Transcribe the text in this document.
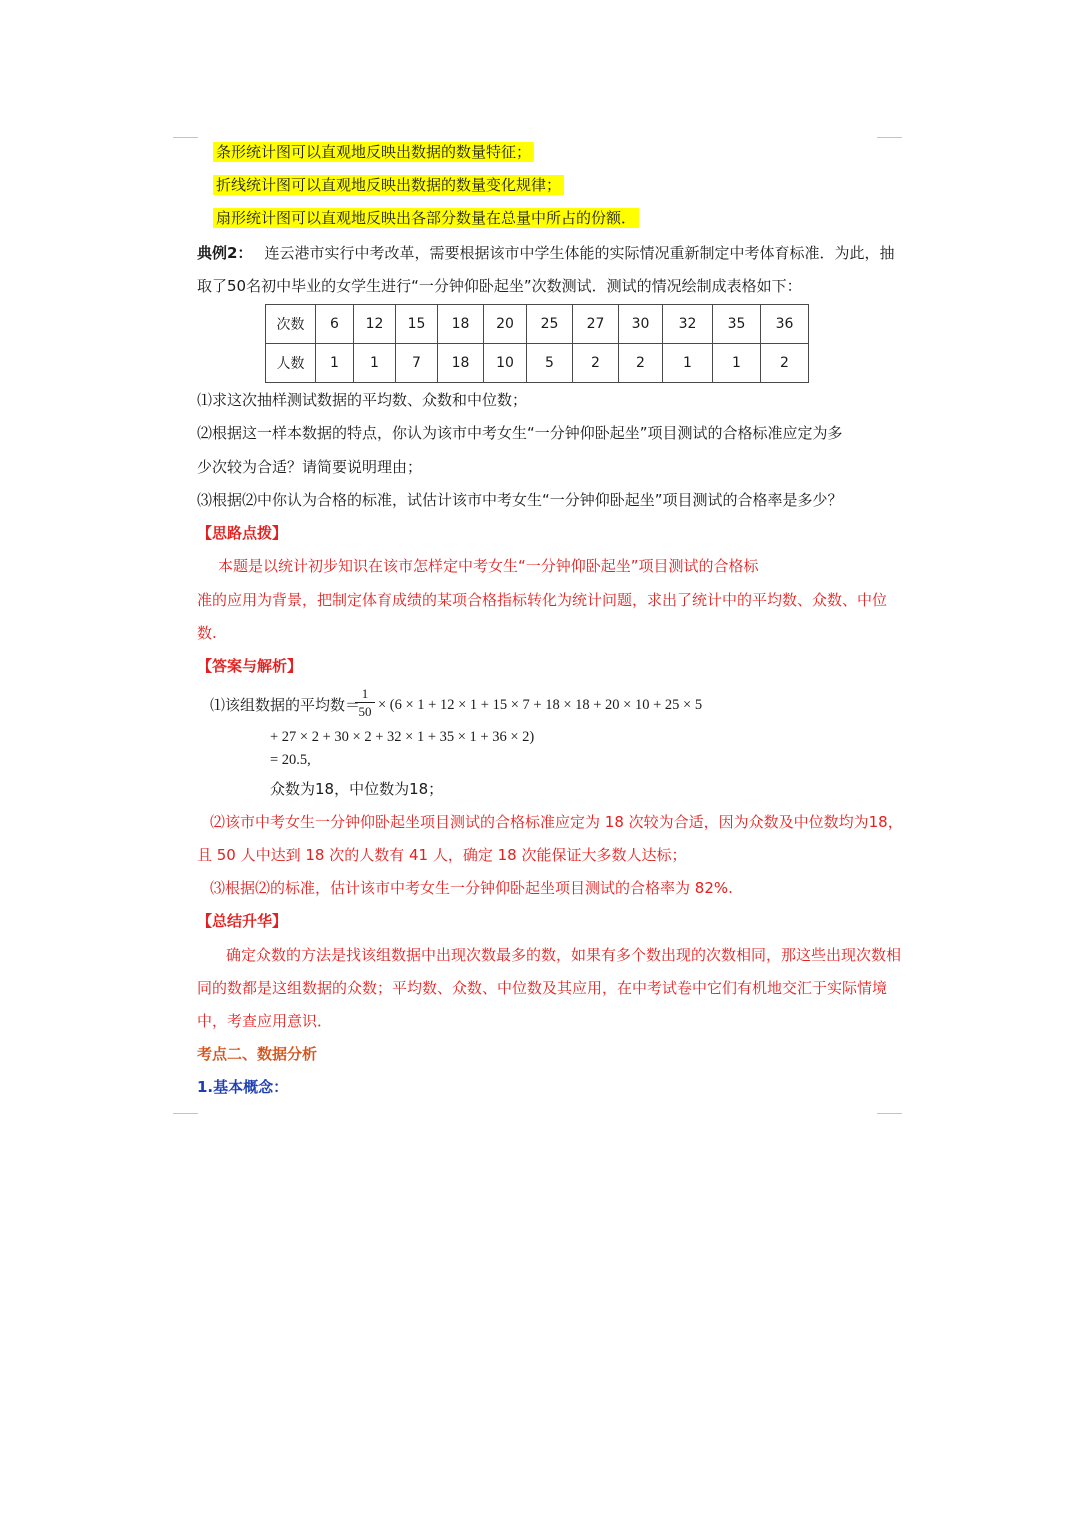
条形统计图可以直观地反映出数据的数量特征；
折线统计图可以直观地反映出数据的数量变化规律；
扇形统计图可以直观地反映出各部分数量在总量中所占的份额．
典例2： 连云港市实行中考改革，需要根据该市中学生体能的实际情况重新制定中考体育标准．为此，抽
取了50名初中毕业的女学生进行“一分钟仰卧起坐”次数测试．测试的情况绘制成表格如下：
次数	6	12	15	18	20	25	27	30	32	35	36
人数	1	1	7	18	10	5	2	2	1	1	2
⑴求这次抽样测试数据的平均数、众数和中位数；
⑵根据这一样本数据的特点，你认为该市中考女生“一分钟仰卧起坐”项目测试的合格标准应定为多
少次较为合适？请简要说明理由；
⑶根据⑵中你认为合格的标准，试估计该市中考女生“一分钟仰卧起坐”项目测试的合格率是多少？
【思路点拨】
本题是以统计初步知识在该市怎样定中考女生“一分钟仰卧起坐”项目测试的合格标
准的应用为背景，把制定体育成绩的某项合格指标转化为统计问题，求出了统计中的平均数、众数、中位
数.
【答案与解析】
⑴该组数据的平均数＝
$\frac{1}{50} \times (6 \times 1 + 12 \times 1 + 15 \times 7 + 18 \times 18 + 20 \times 10 + 25 \times 5$
+ 27 × 2 + 30 × 2 + 32 × 1 + 35 × 1 + 36 × 2)
= 20.5,
众数为18，中位数为18；
⑵该市中考女生一分钟仰卧起坐项目测试的合格标准应定为 18 次较为合适，因为众数及中位数均为18，
且 50 人中达到 18 次的人数有 41 人，确定 18 次能保证大多数人达标；
⑶根据⑵的标准，估计该市中考女生一分钟仰卧起坐项目测试的合格率为 82%.
【总结升华】
确定众数的方法是找该组数据中出现次数最多的数，如果有多个数出现的次数相同，那这些出现次数相
同的数都是这组数据的众数；平均数、众数、中位数及其应用，在中考试卷中它们有机地交汇于实际情境
中，考查应用意识．
考点二、数据分析
1.基本概念：
